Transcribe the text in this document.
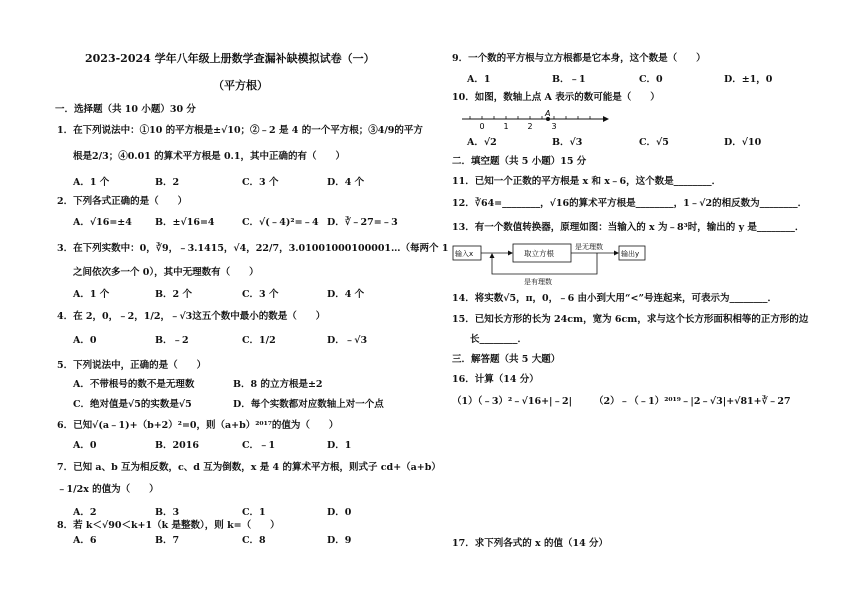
2023-2024 学年八年级上册数学查漏补缺模拟试卷（一）
（平方根）
一．选择题（共 10 小题）30 分
1．在下列说法中：①10 的平方根是±√10；②﹣2 是 4 的一个平方根；③4/9的平方
根是2/3；④0.01 的算术平方根是 0.1，其中正确的有（　　）
A．1 个	B．2	C．3 个	D．4 个
2．下列各式正确的是（　　）
A．√16=±4 B．±√16=4	C．√(﹣4)²=﹣4 D．∛﹣27=﹣3
3．在下列实数中：0，∛9，﹣3.1415，√4，22/7，3.01001000100001…（每两个 1
之间依次多一个 0），其中无理数有（　　）
A．1 个	B．2 个	C．3 个	D．4 个
4．在 2，0，﹣2，1/2，﹣√3这五个数中最小的数是（　　）
A．0	B．﹣2	C．1/2	D．﹣√3
5．下列说法中，正确的是（　　）
A．不带根号的数不是无理数	B．8 的立方根是±2
C．绝对值是√5的实数是√5	D．每个实数都对应数轴上对一个点
6．已知√(a﹣1)+（b+2）²=0，则（a+b）²⁰¹⁷的值为（　　）
A．0	B．2016	C．﹣1	D．1
7．已知 a、b 互为相反数，c、d 互为倒数，x 是 4 的算术平方根，则式子 cd+（a+b）
﹣1/2x 的值为（　　）
A．2	B．3	C．1	D．0
8．若 k＜√90＜k+1（k 是整数），则 k=（　　）
A．6	B．7	C．8	D．9
9．一个数的平方根与立方根都是它本身，这个数是（　　）
A．1	B．﹣1	C．0	D．±1，0
10．如图，数轴上点 A 表示的数可能是（　　）
0 1 2 3
A
A．√2	B．√3	C．√5	D．√10
二．填空题（共 5 小题）15 分
11．已知一个正数的平方根是 x 和 x﹣6，这个数是________．
12．∛64=________，√16的算术平方根是________，1﹣√2的相反数为________．
13．有一个数值转换器，原理如图：当输入的 x 为﹣8³时，输出的 y 是________．
输入x	取立方根
是无理数
输出y
是有理数
14．将实数√5，π，0，﹣6 由小到大用“<”号连起来，可表示为________．
15．已知长方形的长为 24cm，宽为 6cm，求与这个长方形面积相等的正方形的边
长________．
三．解答题（共 5 大题）
16．计算（14 分）
（1）（﹣3）²﹣√16+|﹣2| （2）﹣（﹣1）²⁰¹⁹﹣|2﹣√3|+√81+∛﹣27
17．求下列各式的 x 的值（14 分）
